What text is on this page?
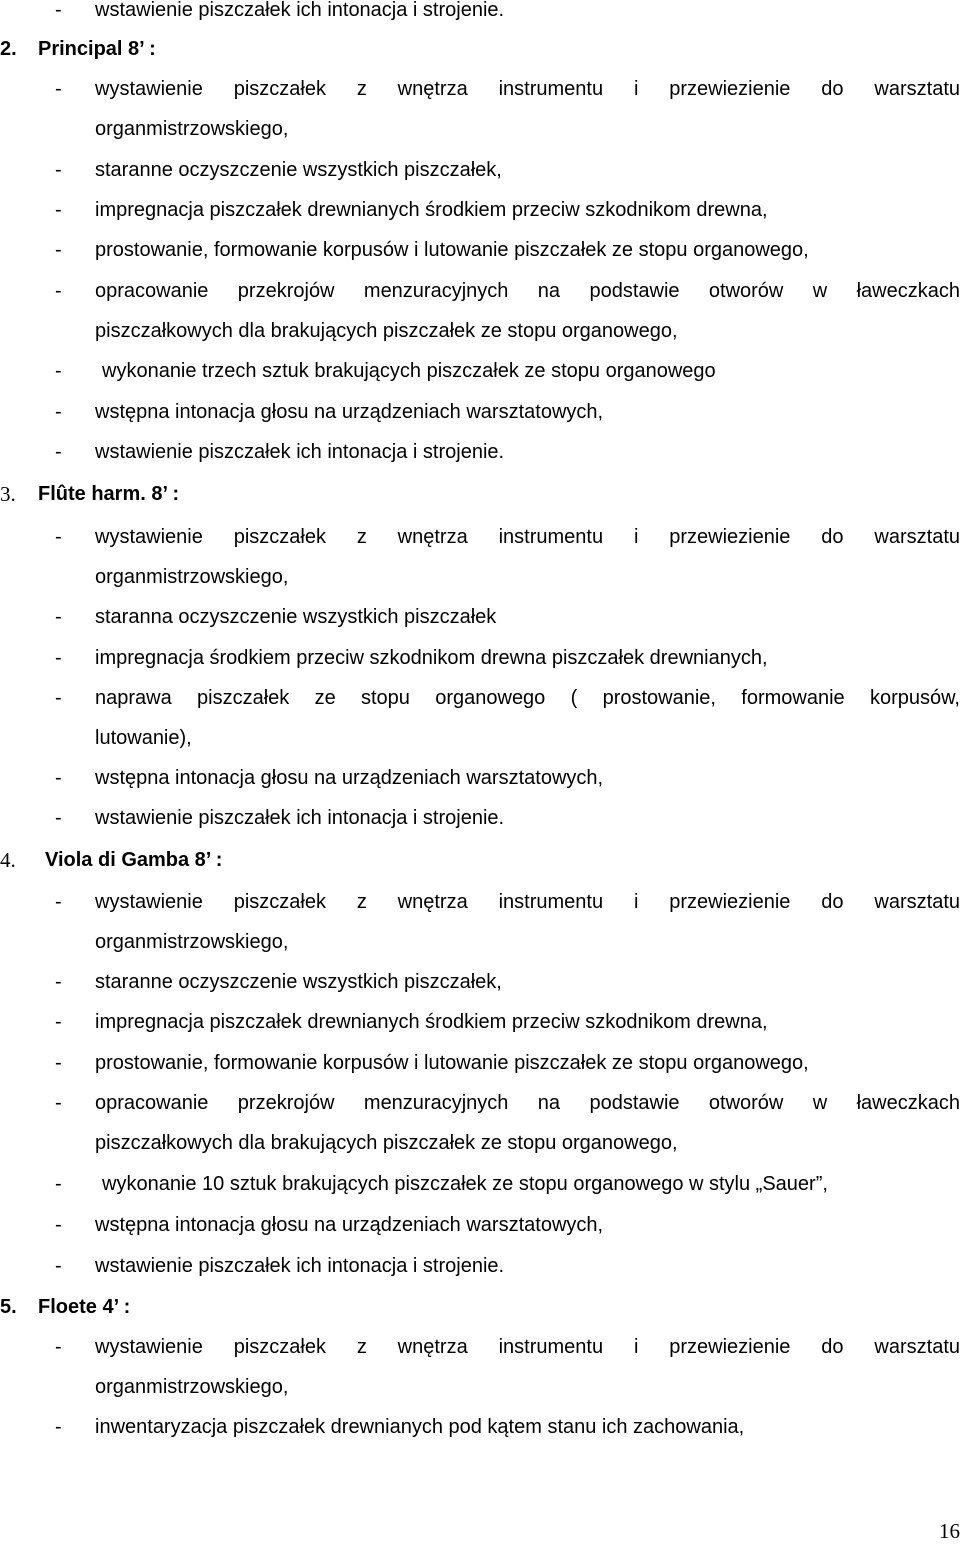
- wstawienie piszczałek ich intonacja i strojenie.
2. Principal 8’ :
- wystawienie piszczałek z wnętrza instrumentu i przewiezienie do warsztatu
organmistrzowskiego,
- staranne oczyszczenie wszystkich piszczałek,
- impregnacja piszczałek drewnianych środkiem przeciw szkodnikom drewna,
- prostowanie, formowanie korpusów i lutowanie piszczałek ze stopu organowego,
- opracowanie przekrojów menzuracyjnych na podstawie otworów w ławeczkach
piszczałkowych dla brakujących piszczałek ze stopu organowego,
- wykonanie trzech sztuk brakujących piszczałek ze stopu organowego
- wstępna intonacja głosu na urządzeniach warsztatowych,
- wstawienie piszczałek ich intonacja i strojenie.
3. Flûte harm. 8’ :
- wystawienie piszczałek z wnętrza instrumentu i przewiezienie do warsztatu
organmistrzowskiego,
- staranna oczyszczenie wszystkich piszczałek
- impregnacja środkiem przeciw szkodnikom drewna piszczałek drewnianych,
- naprawa piszczałek ze stopu organowego ( prostowanie, formowanie korpusów,
lutowanie),
- wstępna intonacja głosu na urządzeniach warsztatowych,
- wstawienie piszczałek ich intonacja i strojenie.
4. Viola di Gamba 8’ :
- wystawienie piszczałek z wnętrza instrumentu i przewiezienie do warsztatu
organmistrzowskiego,
- staranne oczyszczenie wszystkich piszczałek,
- impregnacja piszczałek drewnianych środkiem przeciw szkodnikom drewna,
- prostowanie, formowanie korpusów i lutowanie piszczałek ze stopu organowego,
- opracowanie przekrojów menzuracyjnych na podstawie otworów w ławeczkach
piszczałkowych dla brakujących piszczałek ze stopu organowego,
- wykonanie 10 sztuk brakujących piszczałek ze stopu organowego w stylu „Sauer”,
- wstępna intonacja głosu na urządzeniach warsztatowych,
- wstawienie piszczałek ich intonacja i strojenie.
5. Floete 4’ :
- wystawienie piszczałek z wnętrza instrumentu i przewiezienie do warsztatu
organmistrzowskiego,
- inwentaryzacja piszczałek drewnianych pod kątem stanu ich zachowania,
16
